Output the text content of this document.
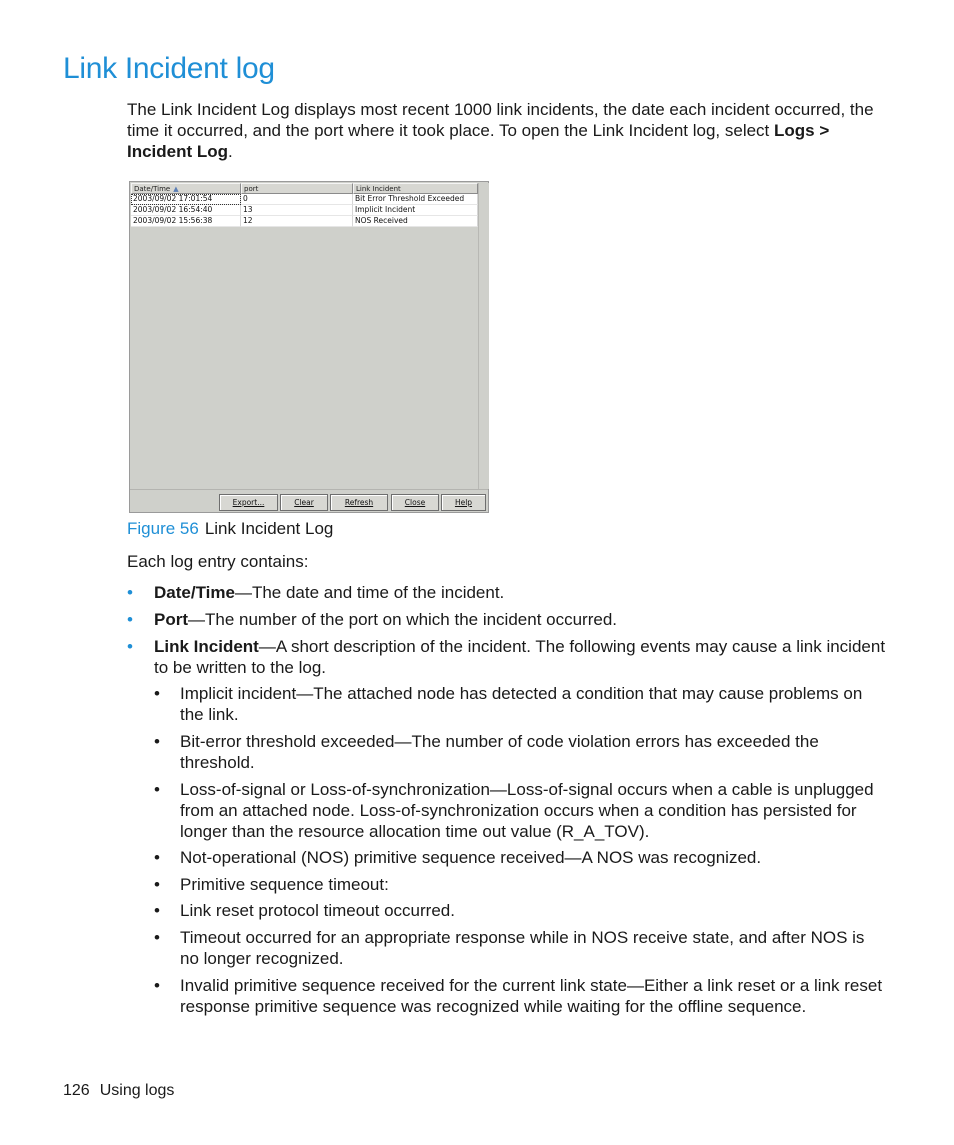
Link Incident log

The Link Incident Log displays most recent 1000 link incidents, the date each incident occurred, the time it occurred, and the port where it took place. To open the Link Incident log, select Logs > Incident Log.

Date/Time ▲	port	Link Incident
2003/09/02 17:01:54	0	Bit Error Threshold Exceeded
2003/09/02 16:54:40	13	Implicit Incident
2003/09/02 15:56:38	12	NOS Received
Export...	Clear	Refresh	Close	Help

Figure 56 Link Incident Log

Each log entry contains:

• Date/Time—The date and time of the incident.
• Port—The number of the port on which the incident occurred.
• Link Incident—A short description of the incident. The following events may cause a link incident to be written to the log.
• Implicit incident—The attached node has detected a condition that may cause problems on the link.
• Bit-error threshold exceeded—The number of code violation errors has exceeded the threshold.
• Loss-of-signal or Loss-of-synchronization—Loss-of-signal occurs when a cable is unplugged from an attached node. Loss-of-synchronization occurs when a condition has persisted for longer than the resource allocation time out value (R_A_TOV).
• Not-operational (NOS) primitive sequence received—A NOS was recognized.
• Primitive sequence timeout:
• Link reset protocol timeout occurred.
• Timeout occurred for an appropriate response while in NOS receive state, and after NOS is no longer recognized.
• Invalid primitive sequence received for the current link state—Either a link reset or a link reset response primitive sequence was recognized while waiting for the offline sequence.

126 Using logs
